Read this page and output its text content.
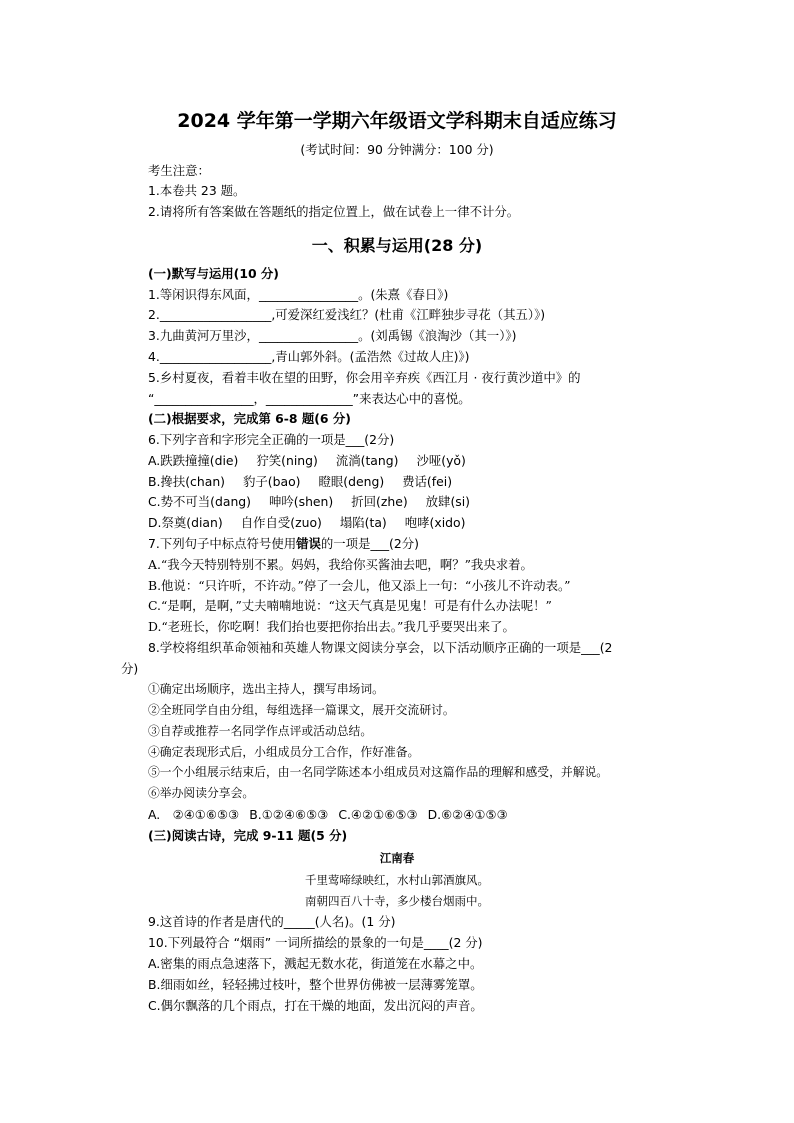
2024 学年第一学期六年级语文学科期末自适应练习
(考试时间：90 分钟满分：100 分)
考生注意：
1.本卷共 23 题。
2.请将所有答案做在答题纸的指定位置上，做在试卷上一律不计分。
一、积累与运用(28 分)
(一)默写与运用(10 分)
1.等闲识得东风面，________________。(朱熹《春日》)
2.__________________,可爱深红爱浅红？(杜甫《江畔独步寻花（其五）》)
3.九曲黄河万里沙，________________。(刘禹锡《浪淘沙（其一）》)
4.__________________,青山郭外斜。(孟浩然《过故人庄)》)
5.乡村夏夜，看着丰收在望的田野，你会用辛弃疾《西江月 · 夜行黄沙道中》的
“________________，______________”来表达心中的喜悦。
(二)根据要求，完成第 6-8 题(6 分)
6.下列字音和字形完全正确的一项是___(2分)
A.跌跌撞撞(die) 狞笑(ning) 流淌(tang) 沙哑(yǒ)
B.搀扶(chan) 豹子(bao) 瞪眼(deng) 费话(fei)
C.势不可当(dang) 呻吟(shen) 折回(zhe) 放肆(si)
D.祭奠(dian) 自作自受(zuo) 塌陷(ta) 咆哮(xido)
7.下列句子中标点符号使用错误的一项是___(2分)
A.“我今天特别特别不累。妈妈，我给你买酱油去吧，啊？”我央求着。
B.他说：“只许听，不许动。”停了一会儿，他又添上一句：“小孩儿不许动表。”
C.“是啊，是啊，”丈夫喃喃地说：“这天气真是见鬼！可是有什么办法呢！”
D.“老班长，你吃啊！我们抬也要把你抬出去。”我几乎要哭出来了。
8.学校将组织革命领袖和英雄人物课文阅读分享会，以下活动顺序正确的一项是___(2
分)
①确定出场顺序，选出主持人，撰写串场词。
②全班同学自由分组，每组选择一篇课文，展开交流研讨。
③自荐或推荐一名同学作点评或活动总结。
④确定表现形式后，小组成员分工合作，作好准备。
⑤一个小组展示结束后，由一名同学陈述本小组成员对这篇作品的理解和感受，并解说。
⑥举办阅读分享会。
A.　②④①⑥⑤③ B.①②④⑥⑤③ C.④②①⑥⑤③ D.⑥②④①⑤③
(三)阅读古诗，完成 9-11 题(5 分)
江南春
千里莺啼绿映红，水村山郭酒旗风。
南朝四百八十寺，多少楼台烟雨中。
9.这首诗的作者是唐代的_____(人名)。(1 分)
10.下列最符合 “烟雨” 一词所描绘的景象的一句是____(2 分)
A.密集的雨点急速落下，溅起无数水花，街道笼在水幕之中。
B.细雨如丝，轻轻拂过枝叶，整个世界仿佛被一层薄雾笼罩。
C.偶尔飘落的几个雨点，打在干燥的地面，发出沉闷的声音。
